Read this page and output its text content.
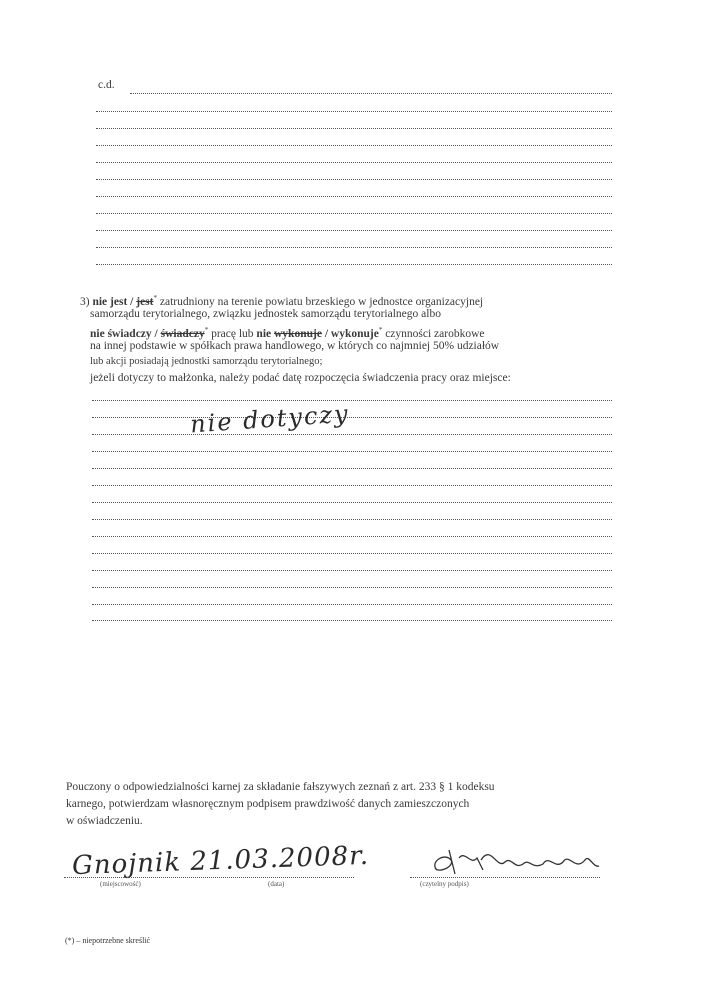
c.d.
3) nie jest / jest* zatrudniony na terenie powiatu brzeskiego w jednostce organizacyjnej
samorządu terytorialnego, związku jednostek samorządu terytorialnego albo
nie świadczy / świadczy* pracę lub nie wykonuje / wykonuje* czynności zarobkowe
na innej podstawie w spółkach prawa handlowego, w których co najmniej 50% udziałów
lub akcji posiadają jednostki samorządu terytorialnego;
jeżeli dotyczy to małżonka, należy podać datę rozpoczęcia świadczenia pracy oraz miejsce:
nie dotyczy
Pouczony o odpowiedzialności karnej za składanie fałszywych zeznań z art. 233 § 1 kodeksu
karnego, potwierdzam własnoręcznym podpisem prawdziwość danych zamieszczonych
w oświadczeniu.
Gnojnik 21.03.2008r.
(miejscowość)	(data)	(czytelny podpis)
(*) – niepotrzebne skreślić
